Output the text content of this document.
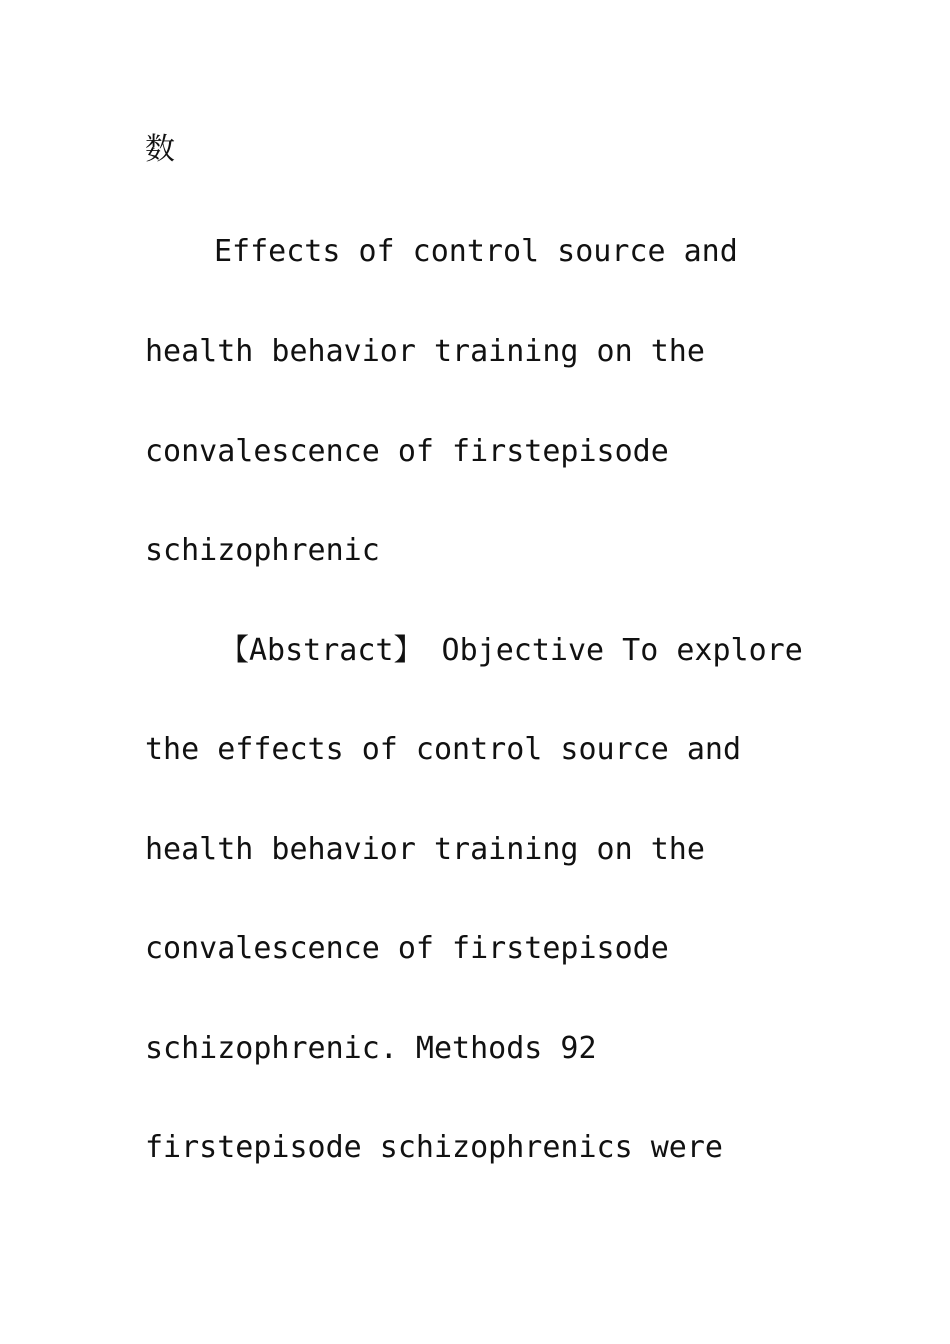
数

Effects of control source and

health behavior training on the

convalescence of firstepisode

schizophrenic

【Abstract】 Objective To explore

the effects of control source and

health behavior training on the

convalescence of firstepisode

schizophrenic. Methods 92

firstepisode schizophrenics were
